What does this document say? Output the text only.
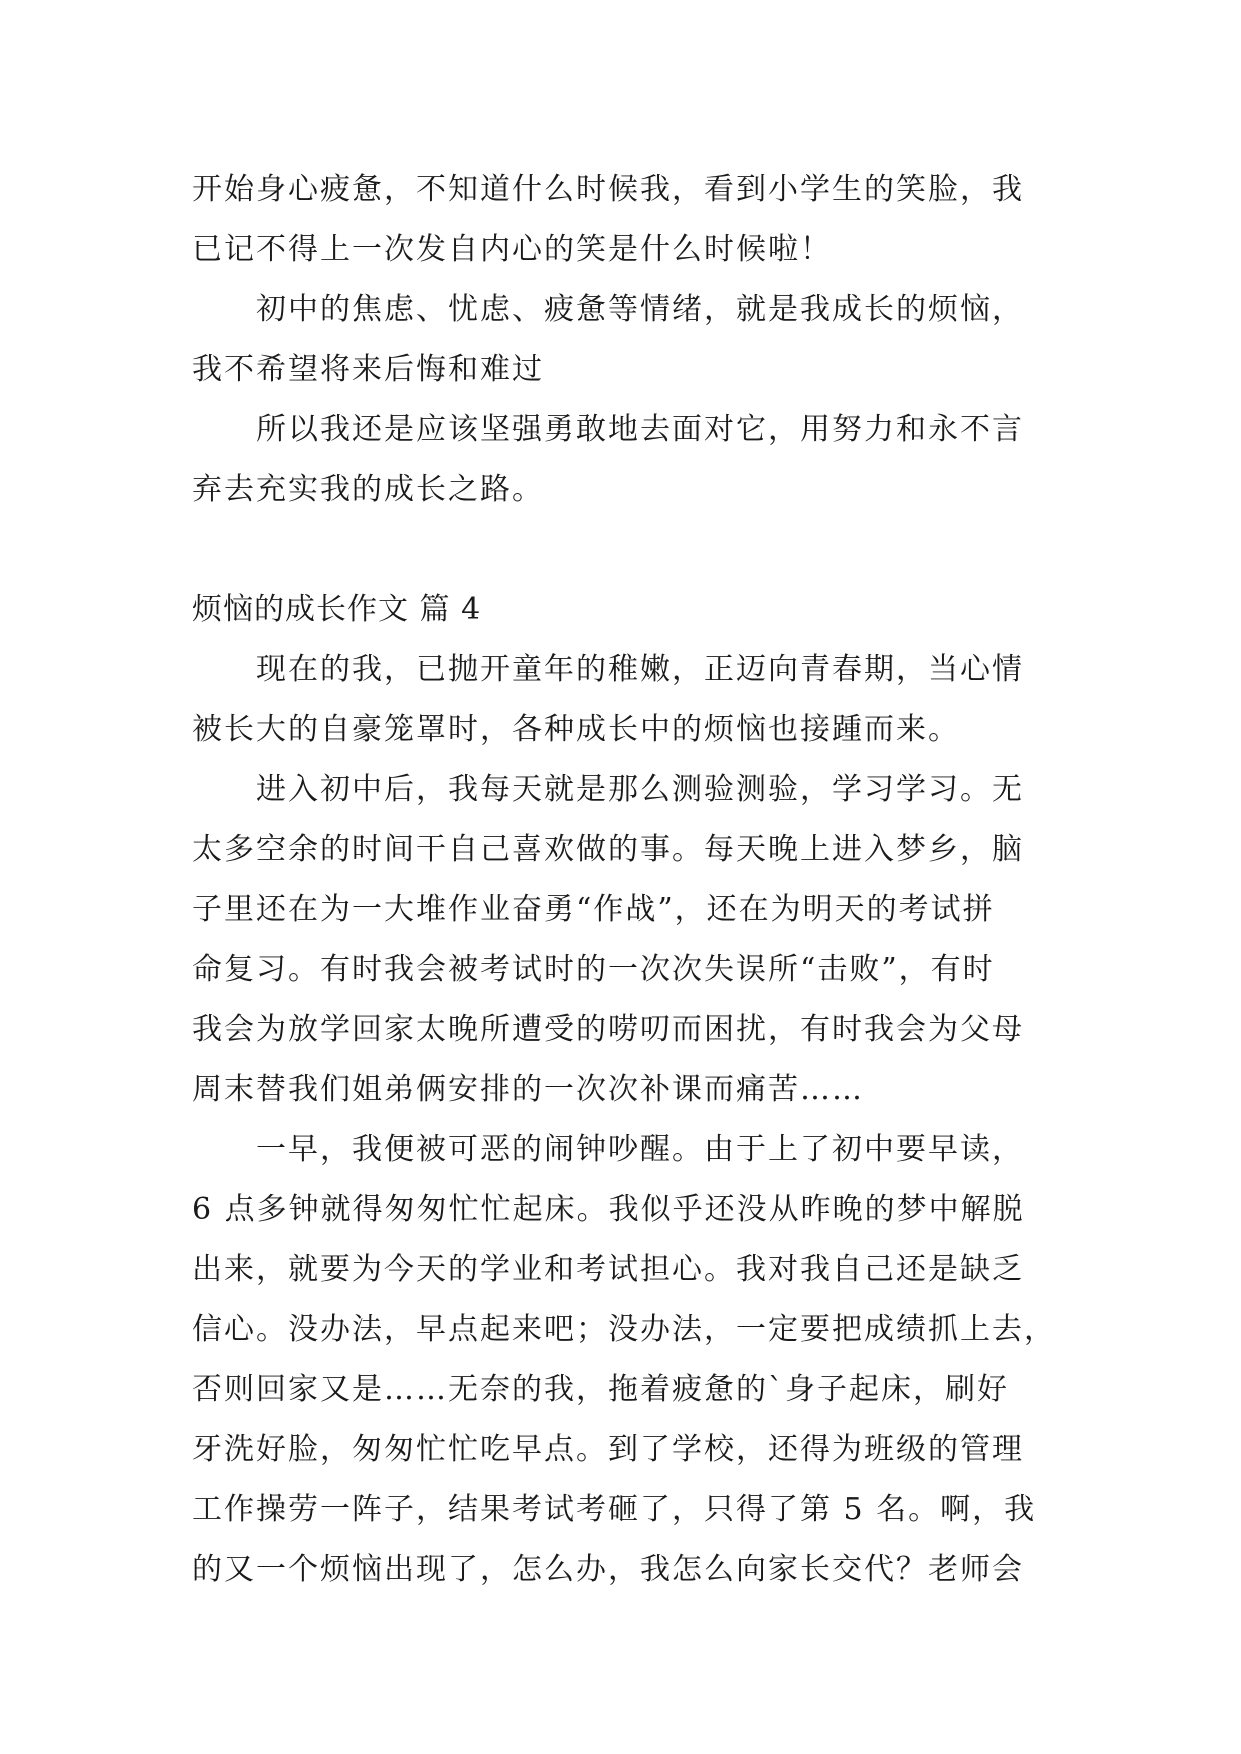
开始身心疲惫，不知道什么时候我，看到小学生的笑脸，我
已记不得上一次发自内心的笑是什么时候啦！
初中的焦虑、忧虑、疲惫等情绪，就是我成长的烦恼，
我不希望将来后悔和难过
所以我还是应该坚强勇敢地去面对它，用努力和永不言
弃去充实我的成长之路。
烦恼的成长作文 篇 4
现在的我，已抛开童年的稚嫩，正迈向青春期，当心情
被长大的自豪笼罩时，各种成长中的烦恼也接踵而来。
进入初中后，我每天就是那么测验测验，学习学习。无
太多空余的时间干自己喜欢做的事。每天晚上进入梦乡，脑
子里还在为一大堆作业奋勇“作战”，还在为明天的考试拼
命复习。有时我会被考试时的一次次失误所“击败”，有时
我会为放学回家太晚所遭受的唠叨而困扰，有时我会为父母
周末替我们姐弟俩安排的一次次补课而痛苦……
一早，我便被可恶的闹钟吵醒。由于上了初中要早读，
6 点多钟就得匆匆忙忙起床。我似乎还没从昨晚的梦中解脱
出来，就要为今天的学业和考试担心。我对我自己还是缺乏
信心。没办法，早点起来吧；没办法，一定要把成绩抓上去，
否则回家又是……无奈的我，拖着疲惫的`身子起床，刷好
牙洗好脸，匆匆忙忙吃早点。到了学校，还得为班级的管理
工作操劳一阵子，结果考试考砸了，只得了第 5 名。啊，我
的又一个烦恼出现了，怎么办，我怎么向家长交代？老师会
